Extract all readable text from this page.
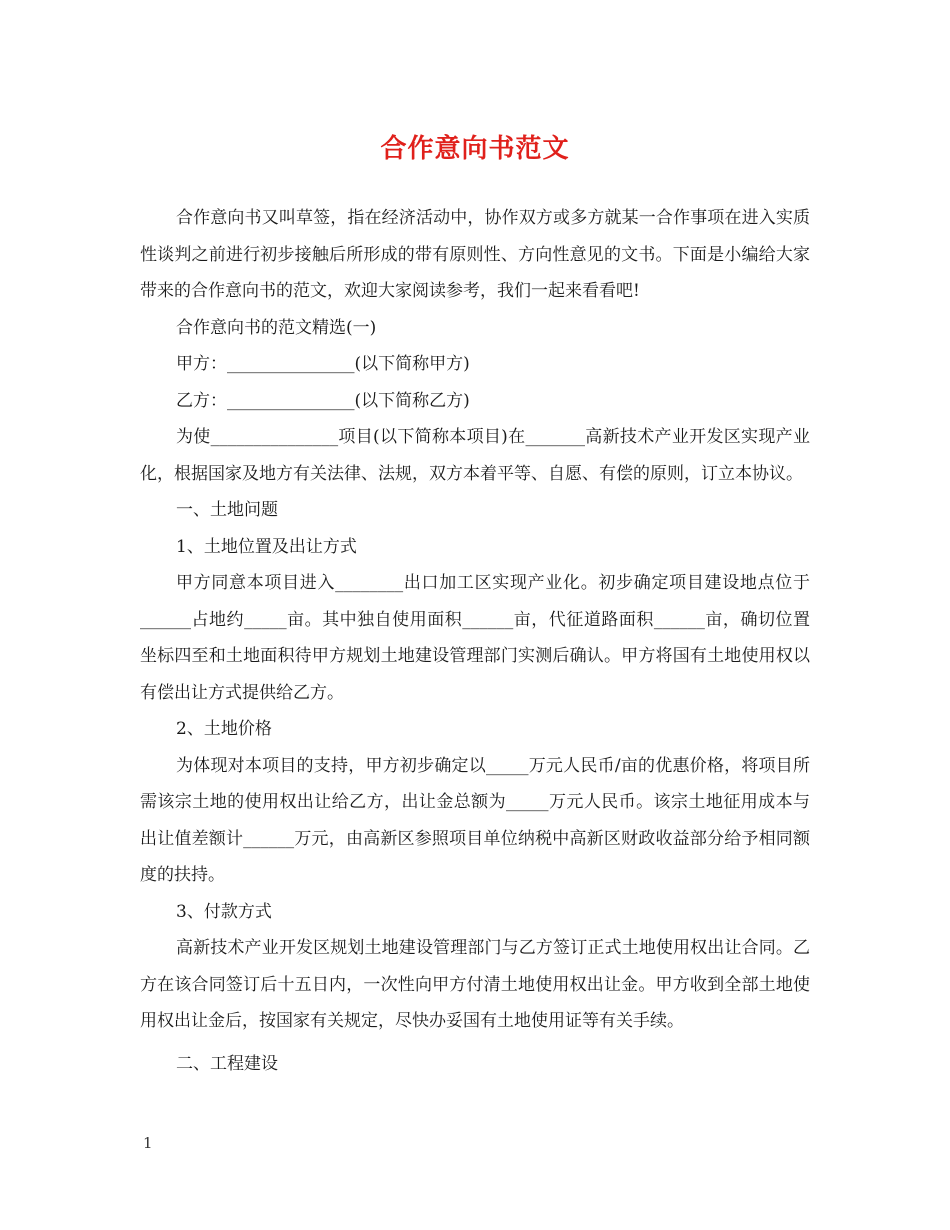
合作意向书范文

合作意向书又叫草签，指在经济活动中，协作双方或多方就某一合作事项在进入实质性谈判之前进行初步接触后所形成的带有原则性、方向性意见的文书。下面是小编给大家带来的合作意向书的范文，欢迎大家阅读参考，我们一起来看看吧!

合作意向书的范文精选(一)

甲方：_______________(以下简称甲方)

乙方：_______________(以下简称乙方)

为使_______________项目(以下简称本项目)在_______高新技术产业开发区实现产业化，根据国家及地方有关法律、法规，双方本着平等、自愿、有偿的原则，订立本协议。

一、土地问题

1、土地位置及出让方式

甲方同意本项目进入________出口加工区实现产业化。初步确定项目建设地点位于______占地约_____亩。其中独自使用面积______亩，代征道路面积______亩，确切位置坐标四至和土地面积待甲方规划土地建设管理部门实测后确认。甲方将国有土地使用权以有偿出让方式提供给乙方。

2、土地价格

为体现对本项目的支持，甲方初步确定以_____万元人民币/亩的优惠价格，将项目所需该宗土地的使用权出让给乙方，出让金总额为_____万元人民币。该宗土地征用成本与出让值差额计______万元，由高新区参照项目单位纳税中高新区财政收益部分给予相同额度的扶持。

3、付款方式

高新技术产业开发区规划土地建设管理部门与乙方签订正式土地使用权出让合同。乙方在该合同签订后十五日内，一次性向甲方付清土地使用权出让金。甲方收到全部土地使用权出让金后，按国家有关规定，尽快办妥国有土地使用证等有关手续。

二、工程建设

1
